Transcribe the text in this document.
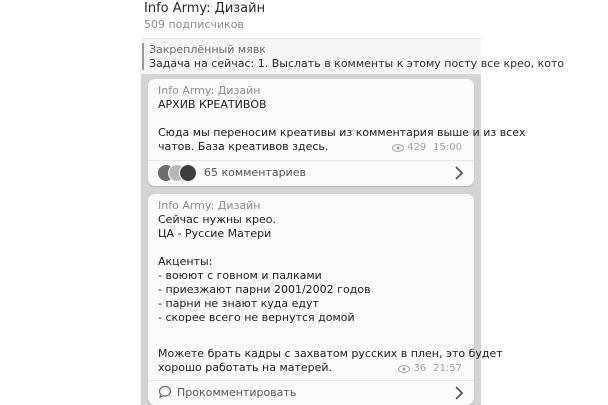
Info Army: Дизайн
509 подписчиков
Закреплённый мявк
Задача на сейчас: 1. Выслать в комменты к этому посту все крео, кото
Info Army: Дизайн
АРХИВ КРЕАТИВОВ
Сюда мы переносим креативы из комментария выше и из всех
чатов. База креативов здесь.	429 15:00
65 комментариев
Info Army: Дизайн
Сейчас нужны крео.
ЦА - Руссие Матери
Акценты:
- воюют с говном и палками
- приезжают парни 2001/2002 годов
- парни не знают куда едут
- скорее всего не вернутся домой
Можете брать кадры с захватом русских в плен, это будет
хорошо работать на матерей.	36 21:57
Прокомментировать
